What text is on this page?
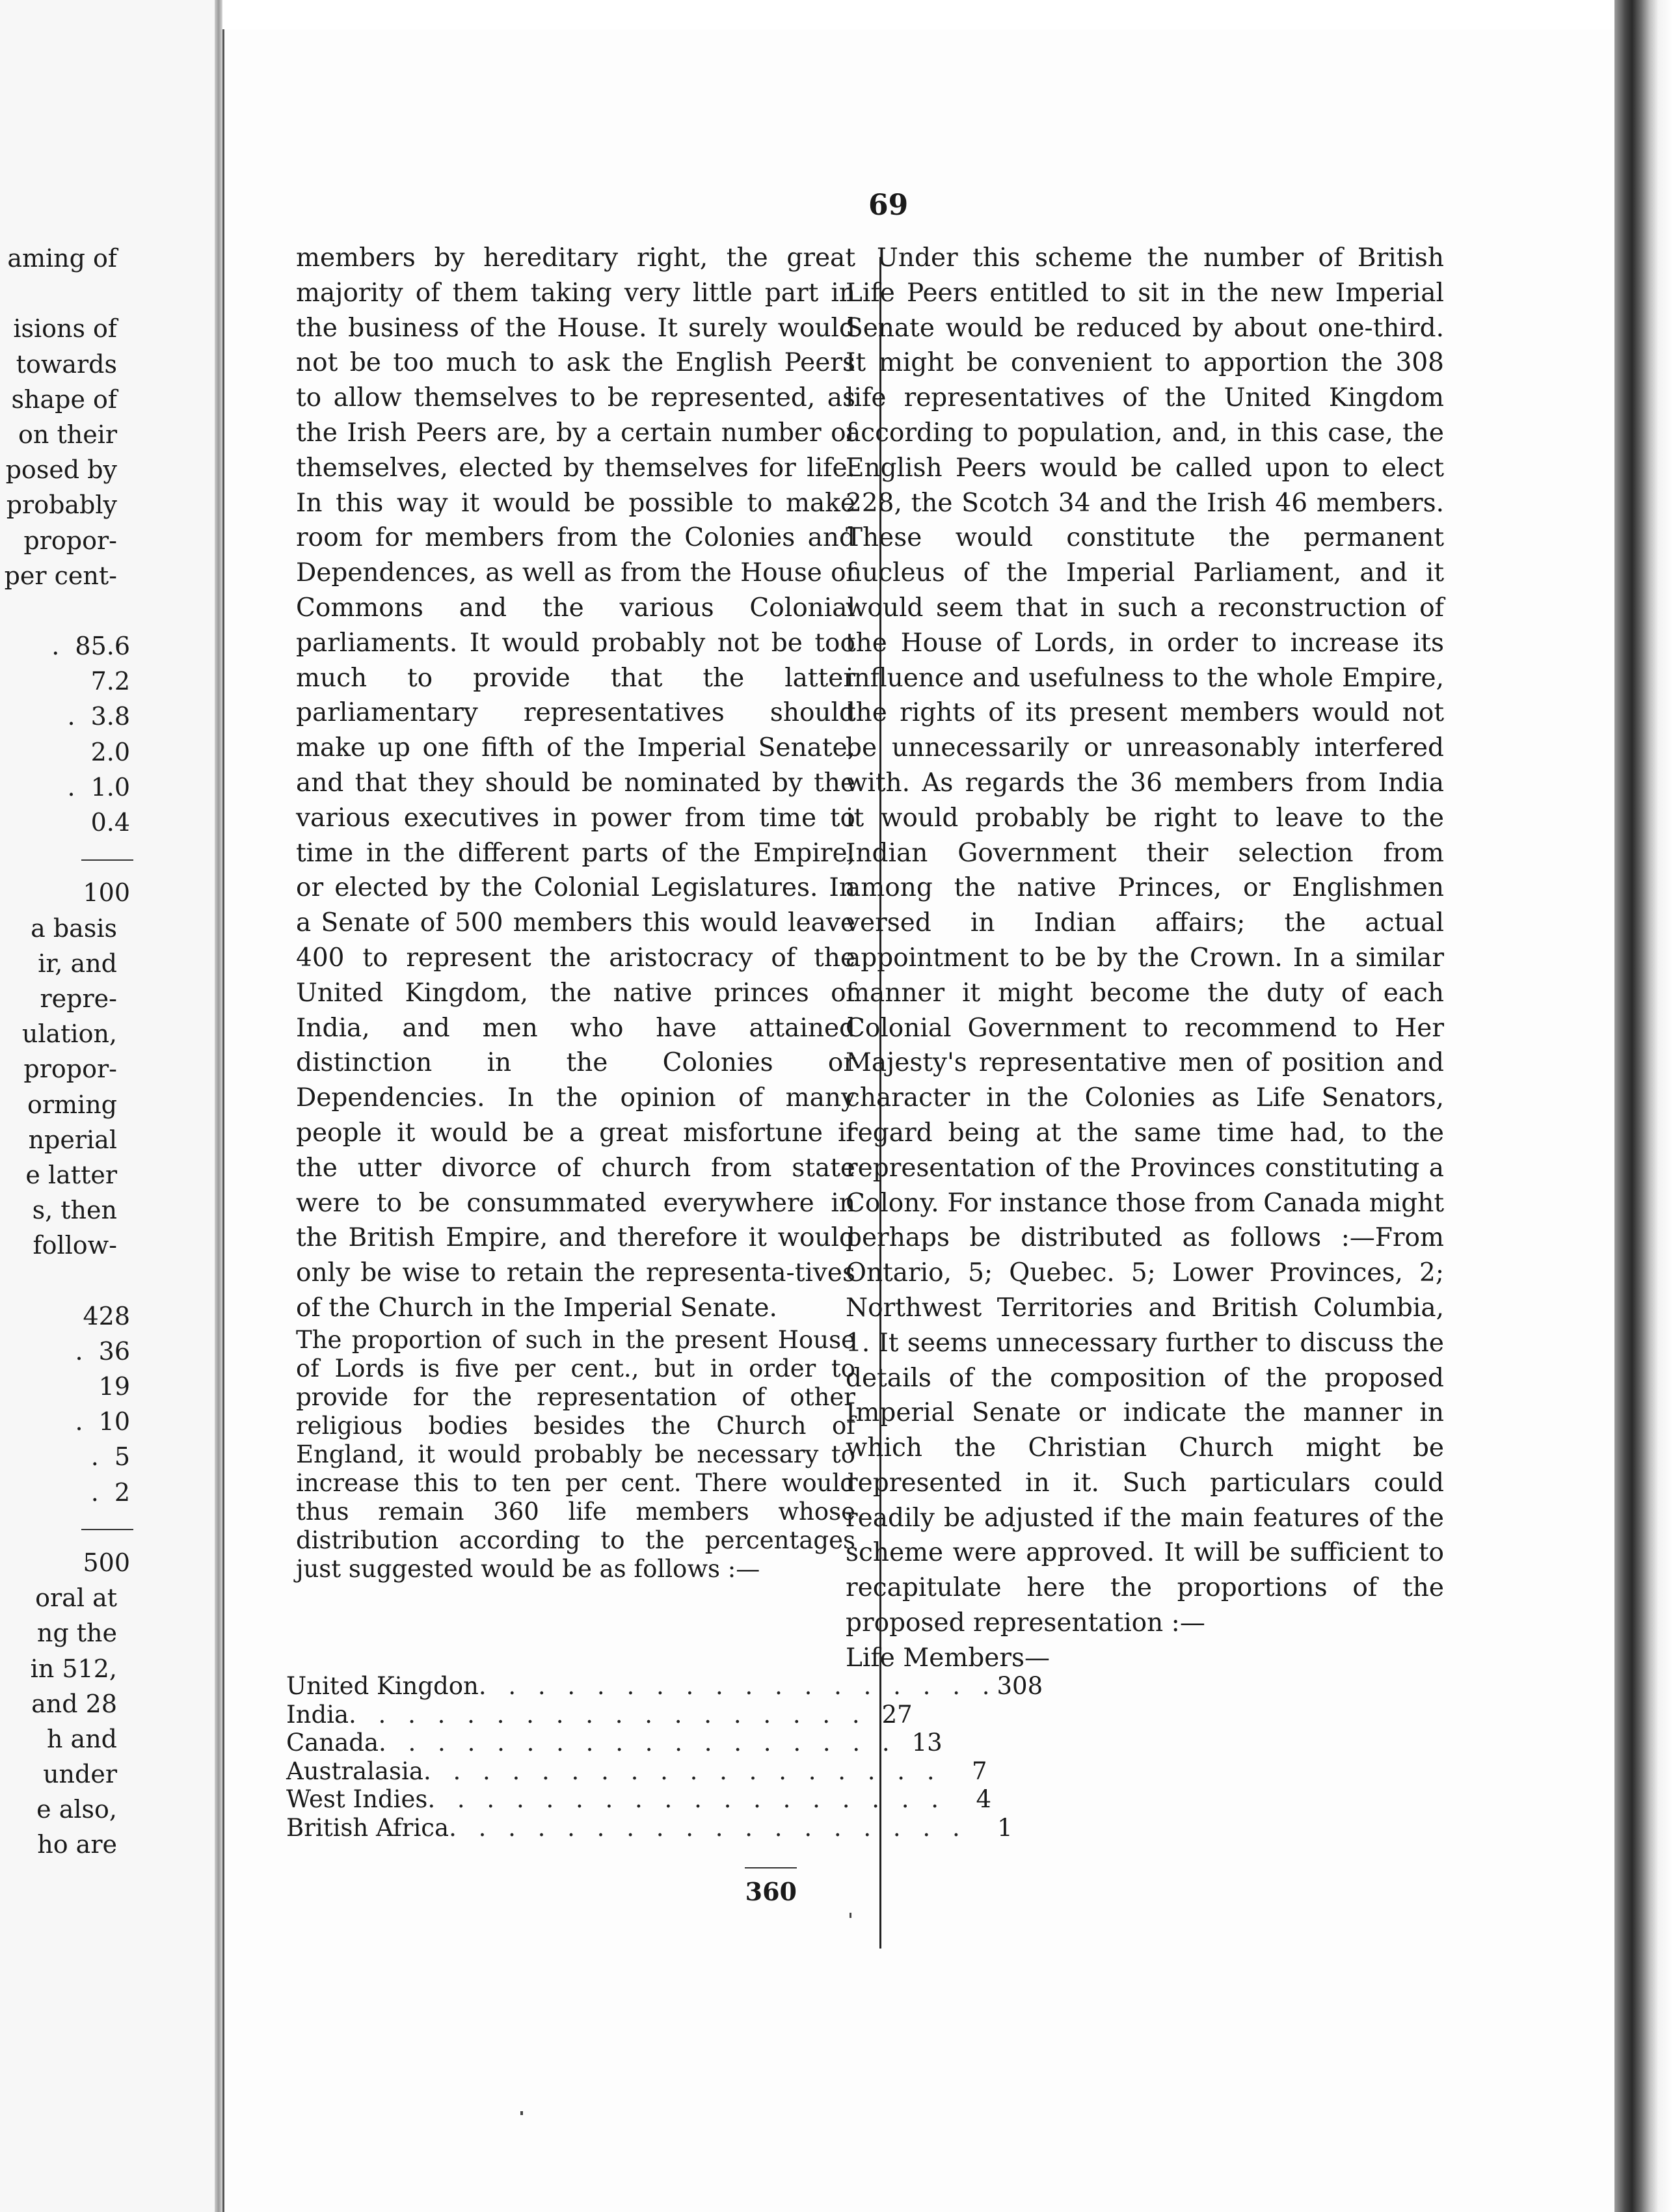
aming of
isions of
towards
shape of
on their
posed by
probably
propor-
per cent-
. 85.6
7.2
. 3.8
2.0
. 1.0
0.4
100
a basis
ir, and
repre-
ulation,
propor-
orming
nperial
e latter
s, then
follow-
428
. 36
19
. 10
. 5
. 2
500
oral at
ng the
in 512,
and 28
h and
under
e also,
ho are
69

members by hereditary right, the great majority of them taking very little part in the business of the House. It surely would not be too much to ask the English Peers to allow themselves to be represented, as the Irish Peers are, by a certain number of themselves, elected by themselves for life. In this way it would be possible to make room for members from the Colonies and Dependences, as well as from the House of Commons and the various Colonial parliaments. It would probably not be too much to provide that the latter parliamentary representatives should make up one fifth of the Imperial Senate, and that they should be nominated by the various executives in power from time to time in the different parts of the Empire, or elected by the Colonial Legislatures. In a Senate of 500 members this would leave 400 to represent the aristocracy of the United Kingdom, the native princes of India, and men who have attained distinction in the Colonies or Dependencies. In the opinion of many people it would be a great misfortune if the utter divorce of church from state were to be consummated everywhere in the British Empire, and therefore it would only be wise to retain the representa-tives of the Church in the Imperial Senate.

The proportion of such in the present House of Lords is five per cent., but in order to provide for the representation of other religious bodies besides the Church of England, it would probably be necessary to increase this to ten per cent. There would thus remain 360 life members whose distribution according to the percentages just suggested would be as follows :—

Under this scheme the number of British Life Peers entitled to sit in the new Imperial Senate would be reduced by about one-third. It might be convenient to apportion the 308 life representatives of the United Kingdom according to population, and, in this case, the English Peers would be called upon to elect 228, the Scotch 34 and the Irish 46 members. These would constitute the permanent nucleus of the Imperial Parliament, and it would seem that in such a reconstruction of the House of Lords, in order to increase its influence and usefulness to the whole Empire, the rights of its present members would not be unnecessarily or unreasonably interfered with. As regards the 36 members from India it would probably be right to leave to the Indian Government their selection from among the native Princes, or Englishmen versed in Indian affairs; the actual appointment to be by the Crown. In a similar manner it might become the duty of each Colonial Government to recommend to Her Majesty's representative men of position and character in the Colonies as Life Senators, regard being at the same time had, to the representation of the Provinces constituting a Colony. For instance those from Canada might perhaps be distributed as follows :—From Ontario, 5; Quebec. 5; Lower Provinces, 2; Northwest Territories and British Columbia, 1. It seems unnecessary further to discuss the details of the composition of the proposed Imperial Senate or indicate the manner in which the Christian Church might be represented in it. Such particulars could readily be adjusted if the main features of the scheme were approved. It will be sufficient to recapitulate here the proportions of the proposed representation :—

Life Members—

United Kingdon . . . . . . . . . . . . . . . . . . 308
India . . . . . . . . . . . . . . . . . . 27
Canada . . . . . . . . . . . . . . . . . . 13
Australasia . . . . . . . . . . . . . . . . . .	7
West Indies . . . . . . . . . . . . . . . . . .	4
British Africa . . . . . . . . . . . . . . . . . .	1
360
